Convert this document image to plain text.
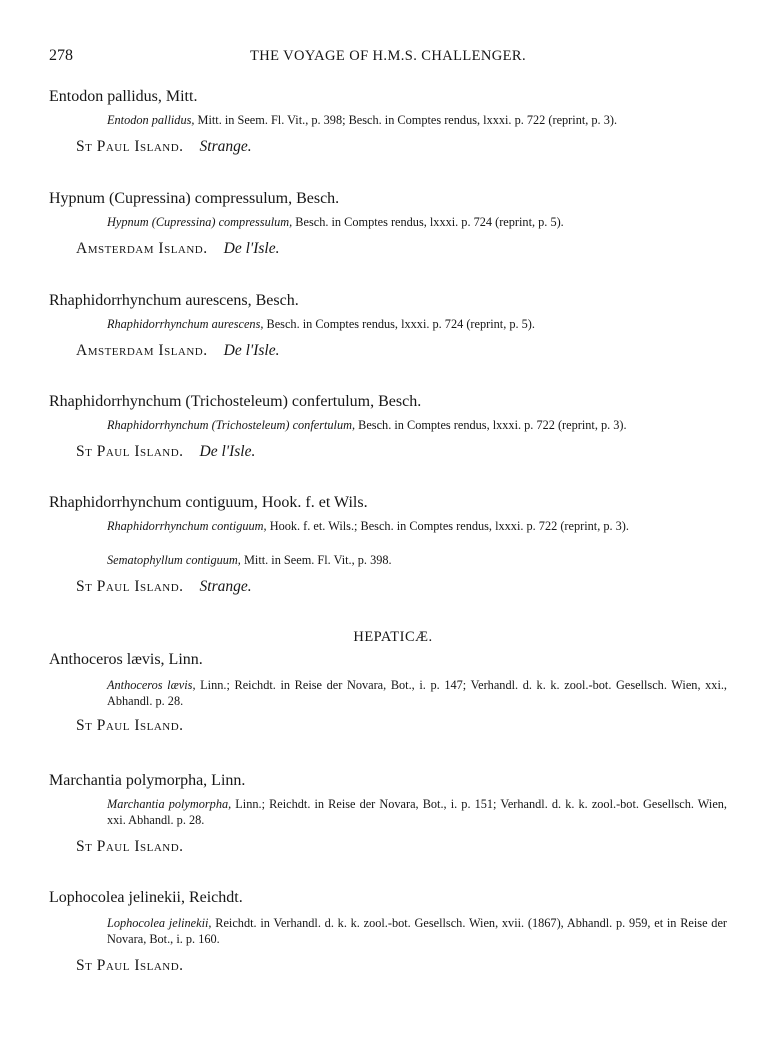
278	THE VOYAGE OF H.M.S. CHALLENGER.
Entodon pallidus, Mitt.
Entodon pallidus, Mitt. in Seem. Fl. Vit., p. 398; Besch. in Comptes rendus, lxxxi. p. 722 (reprint, p. 3).
St Paul Island. Strange.
Hypnum (Cupressina) compressulum, Besch.
Hypnum (Cupressina) compressulum, Besch. in Comptes rendus, lxxxi. p. 724 (reprint, p. 5).
Amsterdam Island. De l'Isle.
Rhaphidorrhynchum aurescens, Besch.
Rhaphidorrhynchum aurescens, Besch. in Comptes rendus, lxxxi. p. 724 (reprint, p. 5).
Amsterdam Island. De l'Isle.
Rhaphidorrhynchum (Trichosteleum) confertulum, Besch.
Rhaphidorrhynchum (Trichosteleum) confertulum, Besch. in Comptes rendus, lxxxi. p. 722 (reprint, p. 3).
St Paul Island. De l'Isle.
Rhaphidorrhynchum contiguum, Hook. f. et Wils.
Rhaphidorrhynchum contiguum, Hook. f. et. Wils.; Besch. in Comptes rendus, lxxxi. p. 722 (reprint, p. 3).
Sematophyllum contiguum, Mitt. in Seem. Fl. Vit., p. 398.
St Paul Island. Strange.
HEPATICÆ.
Anthoceros lævis, Linn.
Anthoceros lævis, Linn.; Reichdt. in Reise der Novara, Bot., i. p. 147; Verhandl. d. k. k. zool.-bot. Gesellsch. Wien, xxi., Abhandl. p. 28.
St Paul Island.
Marchantia polymorpha, Linn.
Marchantia polymorpha, Linn.; Reichdt. in Reise der Novara, Bot., i. p. 151; Verhandl. d. k. k. zool.-bot. Gesellsch. Wien, xxi. Abhandl. p. 28.
St Paul Island.
Lophocolea jelinekii, Reichdt.
Lophocolea jelinekii, Reichdt. in Verhandl. d. k. k. zool.-bot. Gesellsch. Wien, xvii. (1867), Abhandl. p. 959, et in Reise der Novara, Bot., i. p. 160.
St Paul Island.
